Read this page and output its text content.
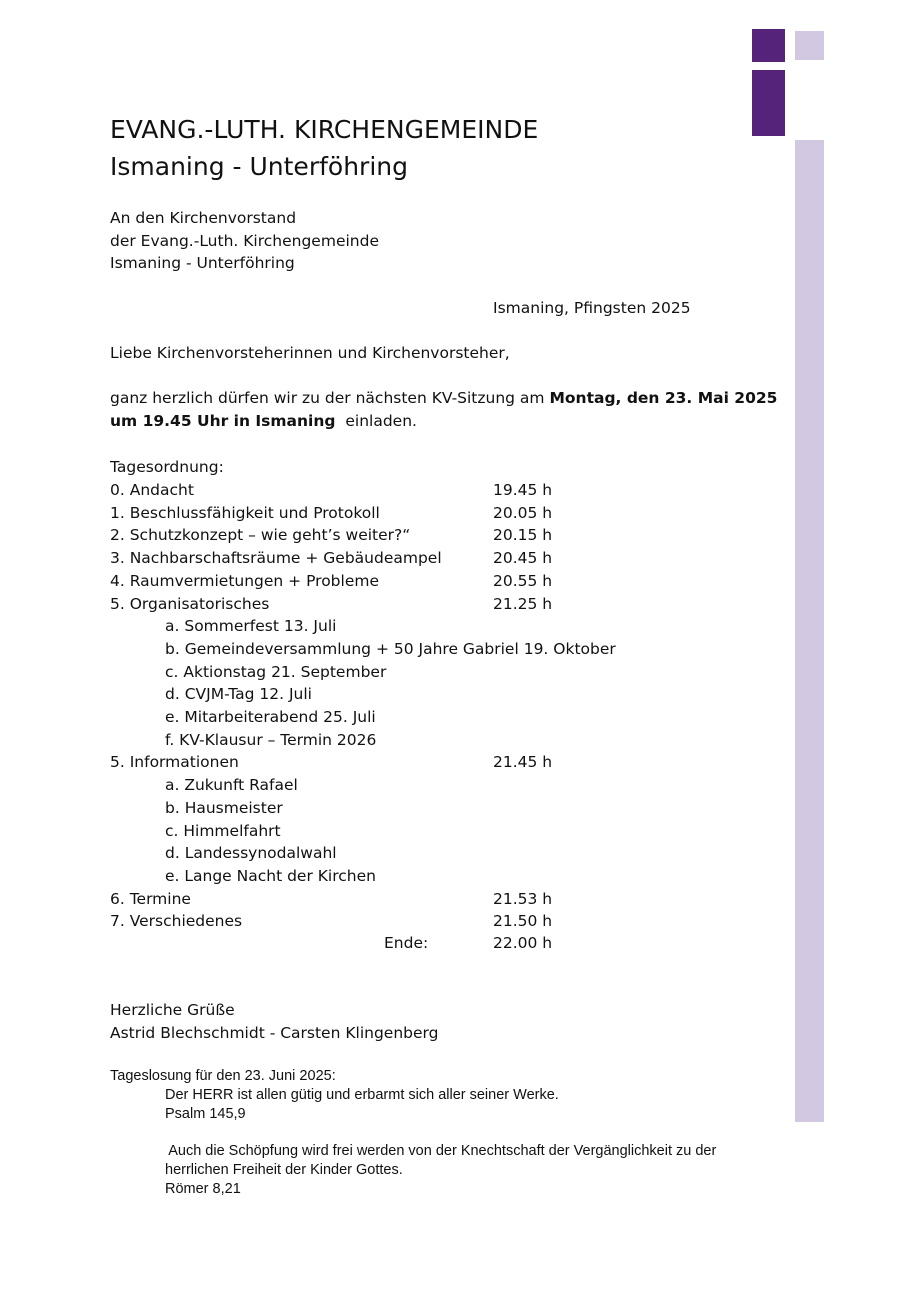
EVANG.-LUTH. KIRCHENGEMEINDE
Ismaning - Unterföhring
An den Kirchenvorstand
der Evang.-Luth. Kirchengemeinde
Ismaning - Unterföhring
Ismaning, Pfingsten 2025
Liebe Kirchenvorsteherinnen und Kirchenvorsteher,
ganz herzlich dürfen wir zu der nächsten KV-Sitzung am Montag, den 23. Mai 2025
um 19.45 Uhr in Ismaning  einladen.
Tagesordnung:
0. Andacht	19.45 h
1. Beschlussfähigkeit und Protokoll	20.05 h
2. Schutzkonzept – wie geht’s weiter?“	20.15 h
3. Nachbarschaftsräume + Gebäudeampel	20.45 h
4. Raumvermietungen + Probleme	20.55 h
5. Organisatorisches	21.25 h
a. Sommerfest 13. Juli
b. Gemeindeversammlung + 50 Jahre Gabriel 19. Oktober
c. Aktionstag 21. September
d. CVJM-Tag 12. Juli
e. Mitarbeiterabend 25. Juli
f. KV-Klausur – Termin 2026
5. Informationen	21.45 h
a. Zukunft Rafael
b. Hausmeister
c. Himmelfahrt
d. Landessynodalwahl
e. Lange Nacht der Kirchen
6. Termine	21.53 h
7. Verschiedenes	21.50 h
Ende:	22.00 h
Herzliche Grüße
Astrid Blechschmidt - Carsten Klingenberg
Tageslosung für den 23. Juni 2025:
Der HERR ist allen gütig und erbarmt sich aller seiner Werke.
Psalm 145,9
Auch die Schöpfung wird frei werden von der Knechtschaft der Vergänglichkeit zu der
herrlichen Freiheit der Kinder Gottes.
Römer 8,21
